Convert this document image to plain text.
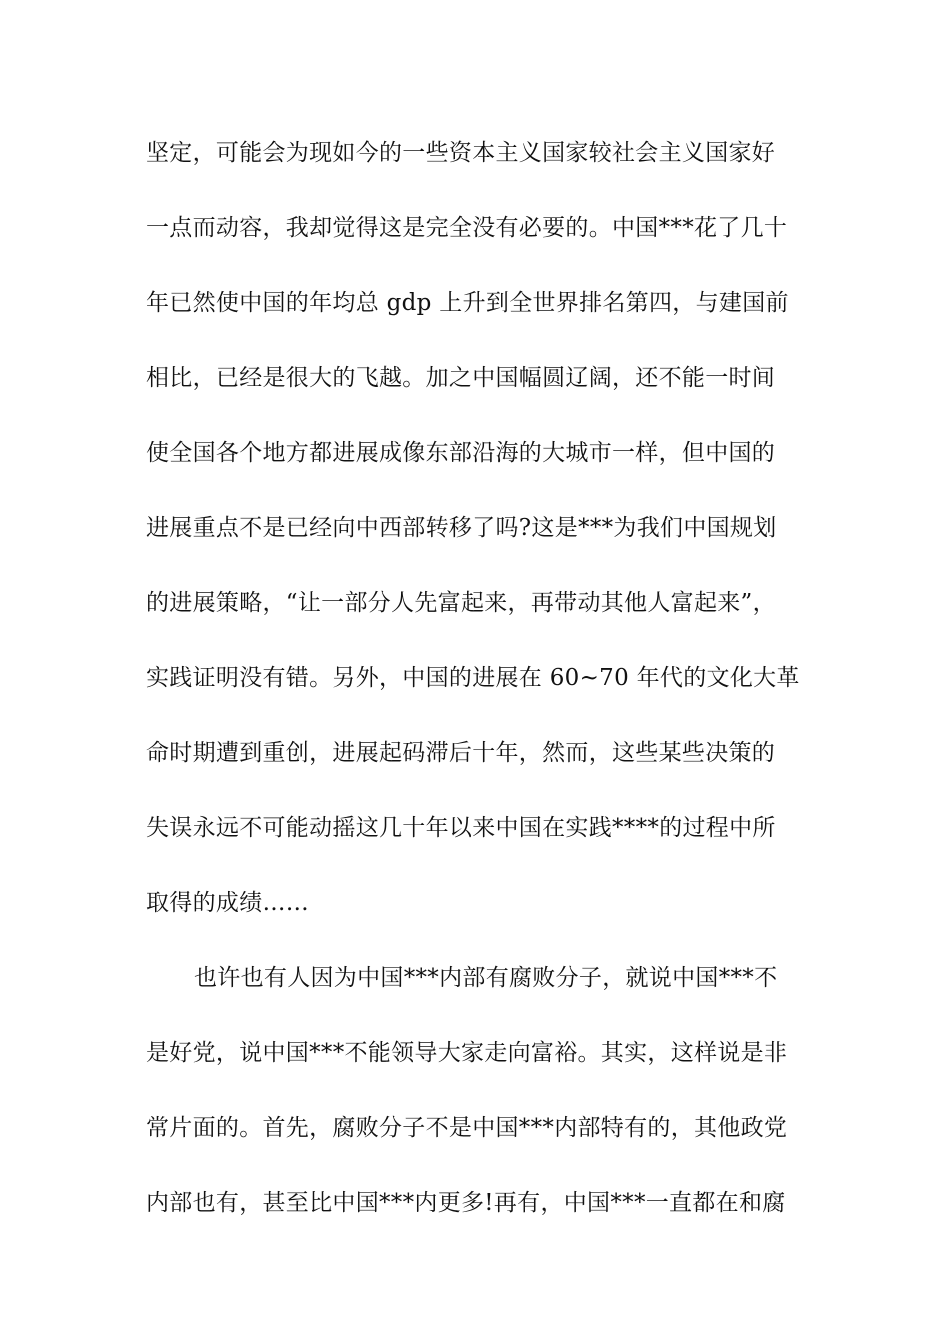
坚定，可能会为现如今的一些资本主义国家较社会主义国家好
一点而动容，我却觉得这是完全没有必要的。中国***花了几十
年已然使中国的年均总 gdp 上升到全世界排名第四，与建国前
相比，已经是很大的飞越。加之中国幅圆辽阔，还不能一时间
使全国各个地方都进展成像东部沿海的大城市一样，但中国的
进展重点不是已经向中西部转移了吗?这是***为我们中国规划
的进展策略，“让一部分人先富起来，再带动其他人富起来”，
实践证明没有错。另外，中国的进展在 60~70 年代的文化大革
命时期遭到重创，进展起码滞后十年，然而，这些某些决策的
失误永远不可能动摇这几十年以来中国在实践****的过程中所
取得的成绩……
也许也有人因为中国***内部有腐败分子，就说中国***不
是好党，说中国***不能领导大家走向富裕。其实，这样说是非
常片面的。首先，腐败分子不是中国***内部特有的，其他政党
内部也有，甚至比中国***内更多!再有，中国***一直都在和腐
